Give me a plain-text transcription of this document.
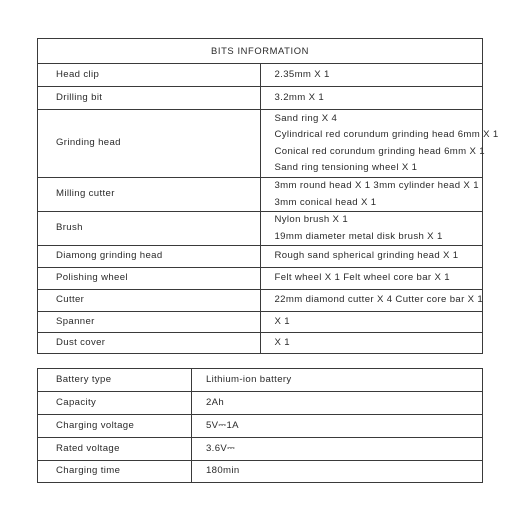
BITS INFORMATION	
Head clip	2.35mm X 1

Drilling bit	3.2mm X 1

Grinding head	Sand ring X 4
Cylindrical red corundum grinding head 6mm X 1
Conical red corundum grinding head 6mm X 1
Sand ring tensioning wheel X 1

Milling cutter	3mm round head X 1 3mm cylinder head X 1
3mm conical head X 1

Brush	Nylon brush X 1
19mm diameter metal disk brush X 1

Diamong grinding head	Rough sand spherical grinding head X 1

Polishing wheel	Felt wheel X 1 Felt wheel core bar X 1

Cutter	22mm diamond cutter X 4 Cutter core bar X 1

Spanner	X 1

Dust cover	X 1
Battery type	Lithium-ion battery

Capacity	2Ah

Charging voltage	5V⎓1A

Rated voltage	3.6V⎓

Charging time	180min
